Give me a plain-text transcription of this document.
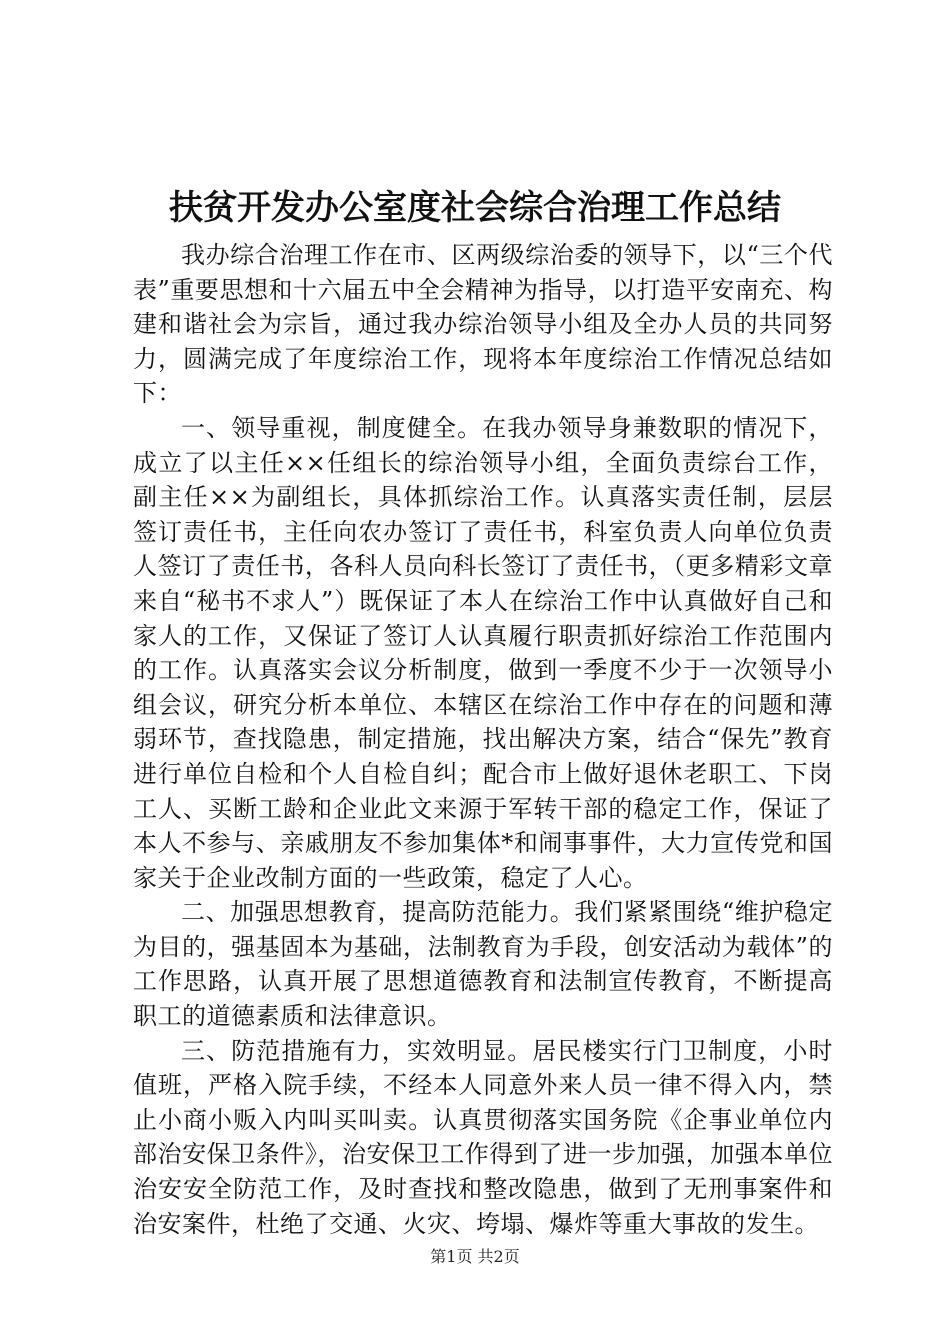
扶贫开发办公室度社会综合治理工作总结

我办综合治理工作在市、区两级综治委的领导下，以“三个代表”重要思想和十六届五中全会精神为指导，以打造平安南充、构建和谐社会为宗旨，通过我办综治领导小组及全办人员的共同努力，圆满完成了年度综治工作，现将本年度综治工作情况总结如下：

一、领导重视，制度健全。在我办领导身兼数职的情况下，成立了以主任××任组长的综治领导小组，全面负责综台工作，副主任××为副组长，具体抓综治工作。认真落实责任制，层层签订责任书，主任向农办签订了责任书，科室负责人向单位负责人签订了责任书，各科人员向科长签订了责任书，（更多精彩文章来自“秘书不求人”）既保证了本人在综治工作中认真做好自己和家人的工作，又保证了签订人认真履行职责抓好综治工作范围内的工作。认真落实会议分析制度，做到一季度不少于一次领导小组会议，研究分析本单位、本辖区在综治工作中存在的问题和薄弱环节，查找隐患，制定措施，找出解决方案，结合“保先”教育进行单位自检和个人自检自纠；配合市上做好退休老职工、下岗工人、买断工龄和企业此文来源于军转干部的稳定工作，保证了本人不参与、亲戚朋友不参加集体*和闹事事件，大力宣传党和国家关于企业改制方面的一些政策，稳定了人心。

二、加强思想教育，提高防范能力。我们紧紧围绕“维护稳定为目的，强基固本为基础，法制教育为手段，创安活动为载体”的工作思路，认真开展了思想道德教育和法制宣传教育，不断提高职工的道德素质和法律意识。

三、防范措施有力，实效明显。居民楼实行门卫制度，小时值班，严格入院手续，不经本人同意外来人员一律不得入内，禁止小商小贩入内叫买叫卖。认真贯彻落实国务院《企事业单位内部治安保卫条件》，治安保卫工作得到了进一步加强，加强本单位治安安全防范工作，及时查找和整改隐患，做到了无刑事案件和治安案件，杜绝了交通、火灾、垮塌、爆炸等重大事故的发生。

第1页 共2页
